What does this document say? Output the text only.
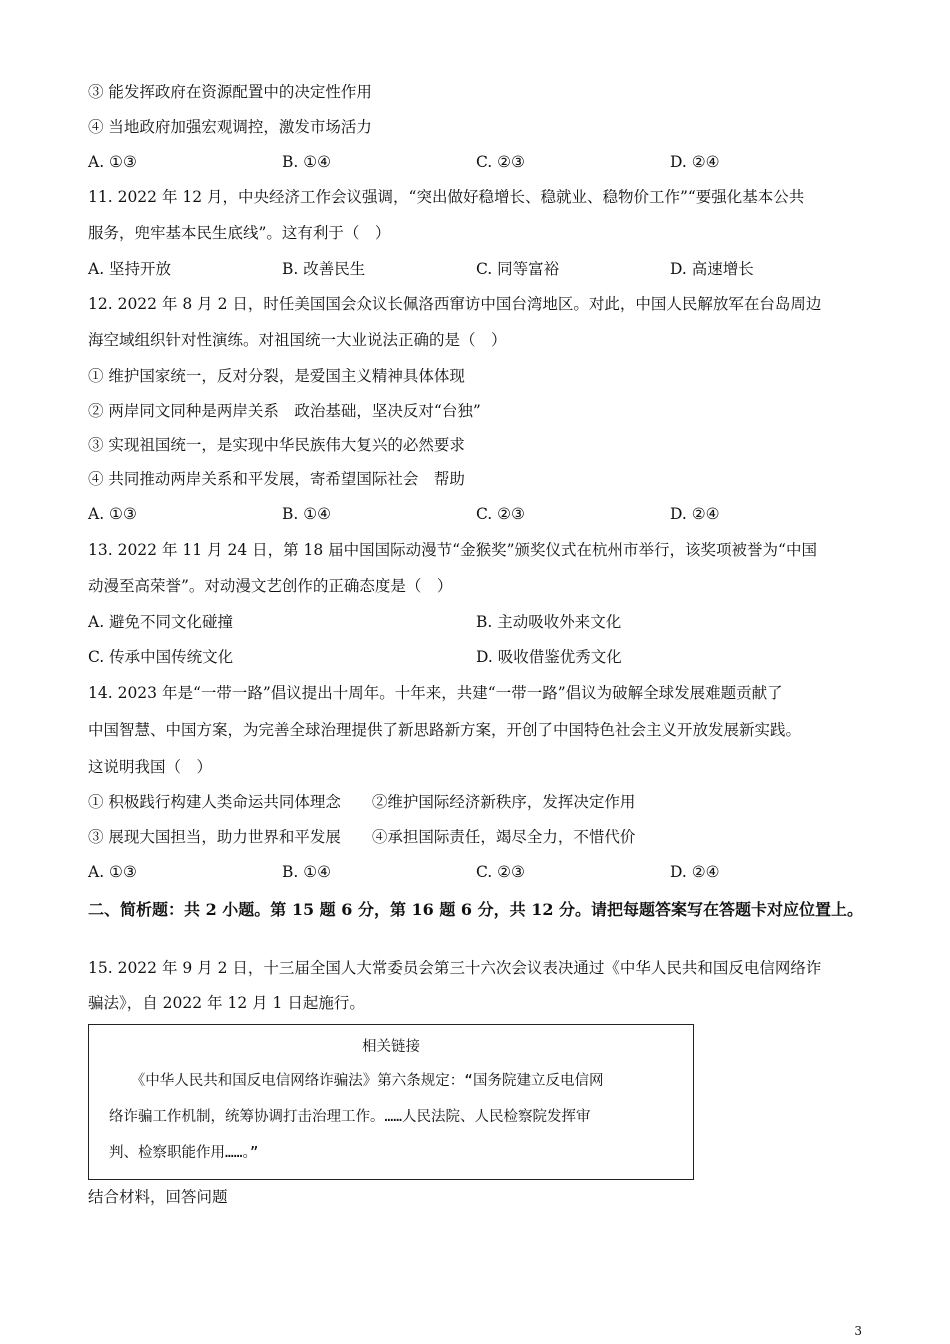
③ 能发挥政府在资源配置中的决定性作用
④ 当地政府加强宏观调控，激发市场活力
A. ①③	B. ①④	C. ②③	D. ②④
11. 2022 年 12 月，中央经济工作会议强调，“突出做好稳增长、稳就业、稳物价工作”“要强化基本公共
服务，兜牢基本民生底线”。这有利于（　）
A. 坚持开放	B. 改善民生	C. 同等富裕	D. 高速增长
12. 2022 年 8 月 2 日，时任美国国会众议长佩洛西窜访中国台湾地区。对此，中国人民解放军在台岛周边
海空域组织针对性演练。对祖国统一大业说法正确的是（　）
① 维护国家统一，反对分裂，是爱国主义精神具体体现
② 两岸同文同种是两岸关系　政治基础，坚决反对“台独”
③ 实现祖国统一，是实现中华民族伟大复兴的必然要求
④ 共同推动两岸关系和平发展，寄希望国际社会　帮助
A. ①③	B. ①④	C. ②③	D. ②④
13. 2022 年 11 月 24 日，第 18 届中国国际动漫节“金猴奖”颁奖仪式在杭州市举行，该奖项被誉为“中国
动漫至高荣誉”。对动漫文艺创作的正确态度是（　）
A. 避免不同文化碰撞	B. 主动吸收外来文化
C. 传承中国传统文化	D. 吸收借鉴优秀文化
14. 2023 年是“一带一路”倡议提出十周年。十年来，共建“一带一路”倡议为破解全球发展难题贡献了
中国智慧、中国方案，为完善全球治理提供了新思路新方案，开创了中国特色社会主义开放发展新实践。
这说明我国（　）
① 积极践行构建人类命运共同体理念　　②维护国际经济新秩序，发挥决定作用
③ 展现大国担当，助力世界和平发展　　④承担国际责任，竭尽全力，不惜代价
A. ①③	B. ①④	C. ②③	D. ②④
二、简析题：共 2 小题。第 15 题 6 分，第 16 题 6 分，共 12 分。请把每题答案写在答题卡对应位置上。
15. 2022 年 9 月 2 日，十三届全国人大常委员会第三十六次会议表决通过《中华人民共和国反电信网络诈
骗法》，自 2022 年 12 月 1 日起施行。
相关链接
　　《中华人民共和国反电信网络诈骗法》第六条规定：“国务院建立反电信网
络诈骗工作机制，统筹协调打击治理工作。……人民法院、人民检察院发挥审
判、检察职能作用……。”
结合材料，回答问题
3
